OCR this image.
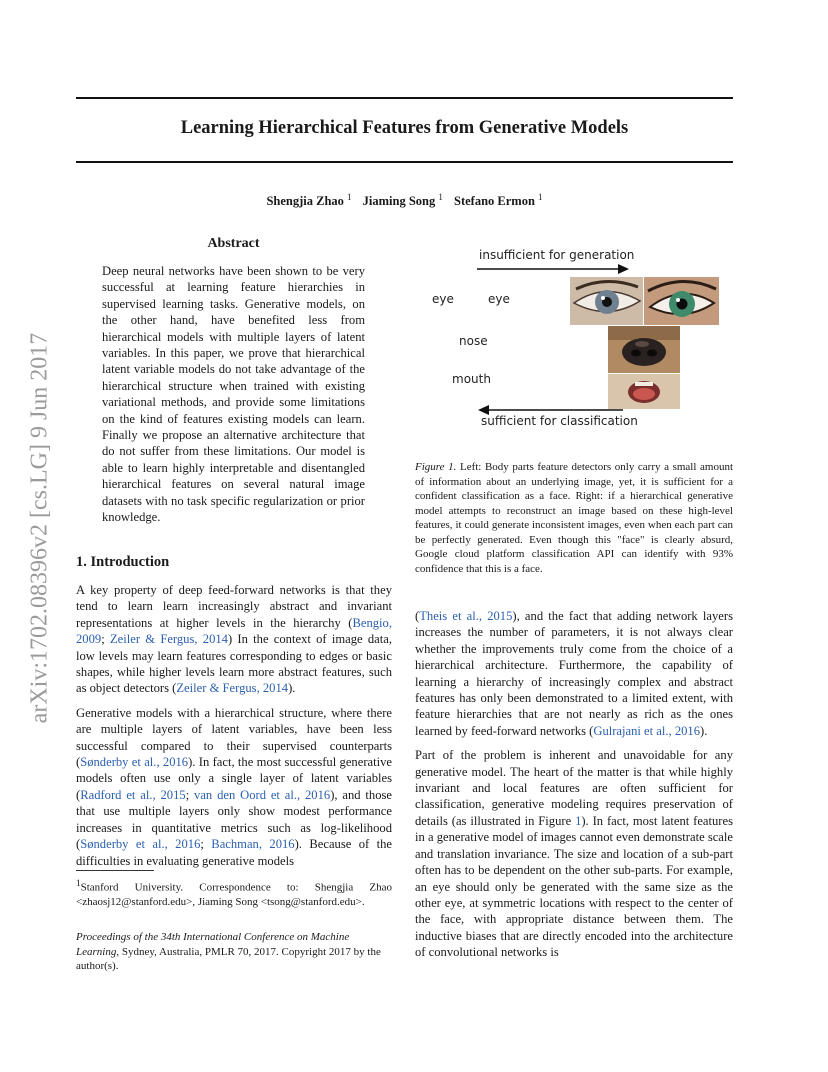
Learning Hierarchical Features from Generative Models
Shengjia Zhao $^1$ Jiaming Song $^1$ Stefano Ermon $^1$
arXiv:1702.08396v2 [cs.LG] 9 Jun 2017
Abstract
Deep neural networks have been shown to be very successful at learning feature hierarchies in supervised learning tasks. Generative models, on the other hand, have benefited less from hierarchical models with multiple layers of latent variables. In this paper, we prove that hierarchical latent variable models do not take advantage of the hierarchical structure when trained with existing variational methods, and provide some limitations on the kind of features existing models can learn. Finally we propose an alternative architecture that do not suffer from these limitations. Our model is able to learn highly interpretable and disentangled hierarchical features on several natural image datasets with no task specific regularization or prior knowledge.
1. Introduction

A key property of deep feed-forward networks is that they tend to learn learn increasingly abstract and invariant representations at higher levels in the hierarchy (Bengio, 2009; Zeiler & Fergus, 2014) In the context of image data, low levels may learn features corresponding to edges or basic shapes, while higher levels learn more abstract features, such as object detectors (Zeiler & Fergus, 2014).

Generative models with a hierarchical structure, where there are multiple layers of latent variables, have been less successful compared to their supervised counterparts (Sønderby et al., 2016). In fact, the most successful generative models often use only a single layer of latent variables (Radford et al., 2015; van den Oord et al., 2016), and those that use multiple layers only show modest performance increases in quantitative metrics such as log-likelihood (Sønderby et al., 2016; Bachman, 2016). Because of the difficulties in evaluating generative models

$^1$Stanford University. Correspondence to: Shengjia Zhao <zhaosj12@stanford.edu>, Jiaming Song <tsong@stanford.edu>.
Proceedings of the 34th International Conference on Machine Learning, Sydney, Australia, PMLR 70, 2017. Copyright 2017 by the author(s).
insufficient for generation
sufficient for classification
eye	eye
nose
mouth
Figure 1. Left: Body parts feature detectors only carry a small amount of information about an underlying image, yet, it is sufficient for a confident classification as a face. Right: if a hierarchical generative model attempts to reconstruct an image based on these high-level features, it could generate inconsistent images, even when each part can be perfectly generated. Even though this "face" is clearly absurd, Google cloud platform classification API can identify with 93% confidence that this is a face.

(Theis et al., 2015), and the fact that adding network layers increases the number of parameters, it is not always clear whether the improvements truly come from the choice of a hierarchical architecture. Furthermore, the capability of learning a hierarchy of increasingly complex and abstract features has only been demonstrated to a limited extent, with feature hierarchies that are not nearly as rich as the ones learned by feed-forward networks (Gulrajani et al., 2016).

Part of the problem is inherent and unavoidable for any generative model. The heart of the matter is that while highly invariant and local features are often sufficient for classification, generative modeling requires preservation of details (as illustrated in Figure 1). In fact, most latent features in a generative model of images cannot even demonstrate scale and translation invariance. The size and location of a sub-part often has to be dependent on the other sub-parts. For example, an eye should only be generated with the same size as the other eye, at symmetric locations with respect to the center of the face, with appropriate distance between them. The inductive biases that are directly encoded into the architecture of convolutional networks is
